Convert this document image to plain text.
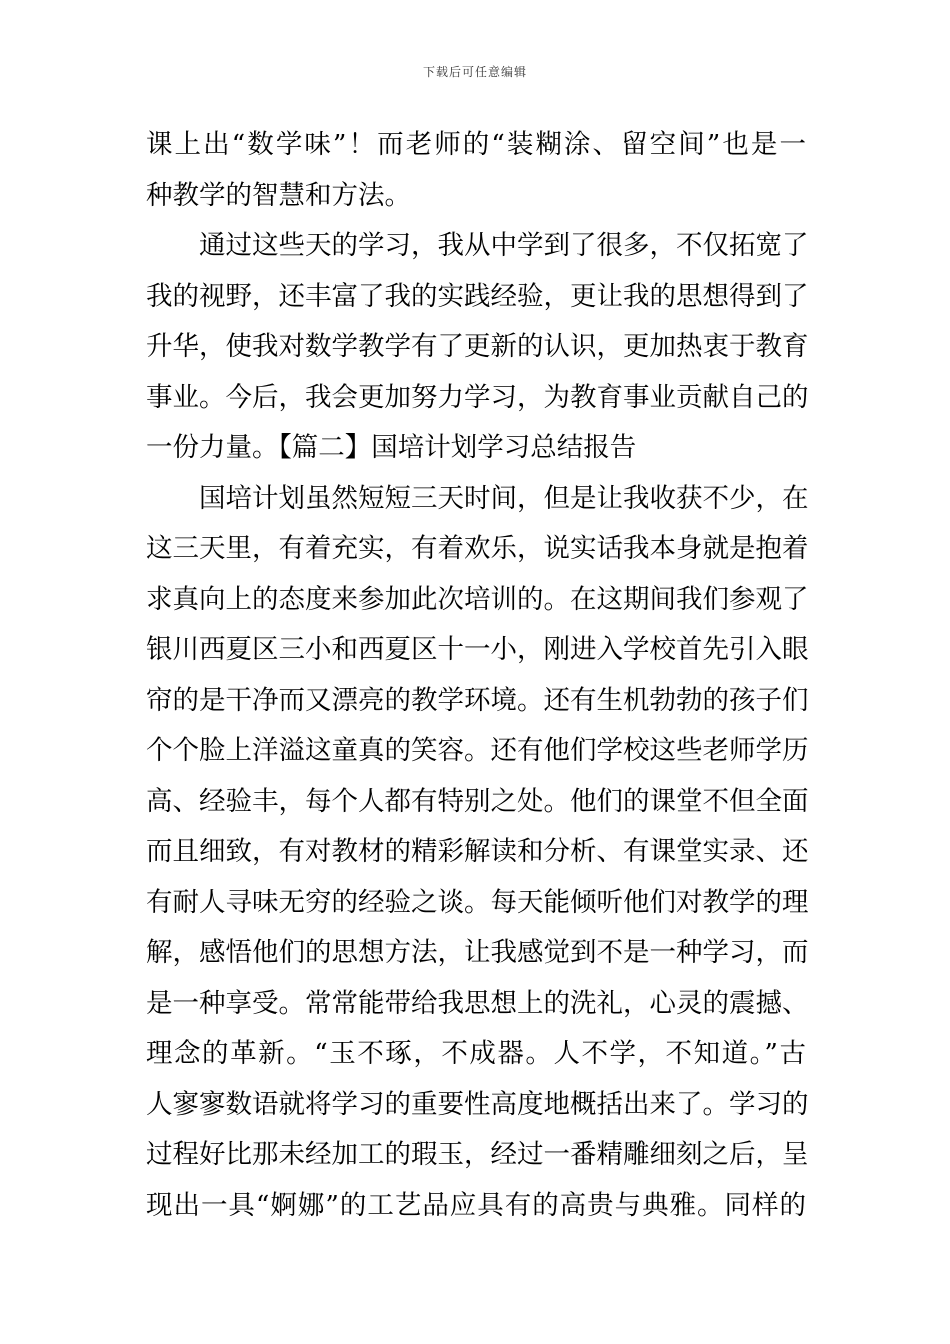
下载后可任意编辑
课上出“数学味”！而老师的“装糊涂、留空间”也是一
种教学的智慧和方法。
通过这些天的学习，我从中学到了很多，不仅拓宽了
我的视野，还丰富了我的实践经验，更让我的思想得到了
升华，使我对数学教学有了更新的认识，更加热衷于教育
事业。今后，我会更加努力学习，为教育事业贡献自己的
一份力量。【篇二】国培计划学习总结报告
国培计划虽然短短三天时间，但是让我收获不少，在
这三天里，有着充实，有着欢乐，说实话我本身就是抱着
求真向上的态度来参加此次培训的。在这期间我们参观了
银川西夏区三小和西夏区十一小，刚进入学校首先引入眼
帘的是干净而又漂亮的教学环境。还有生机勃勃的孩子们
个个脸上洋溢这童真的笑容。还有他们学校这些老师学历
高、经验丰，每个人都有特别之处。他们的课堂不但全面
而且细致，有对教材的精彩解读和分析、有课堂实录、还
有耐人寻味无穷的经验之谈。每天能倾听他们对教学的理
解，感悟他们的思想方法，让我感觉到不是一种学习，而
是一种享受。常常能带给我思想上的洗礼，心灵的震撼、
理念的革新。“玉不琢，不成器。人不学，不知道。”古
人寥寥数语就将学习的重要性高度地概括出来了。学习的
过程好比那未经加工的瑕玉，经过一番精雕细刻之后，呈
现出一具“婀娜”的工艺品应具有的高贵与典雅。同样的
